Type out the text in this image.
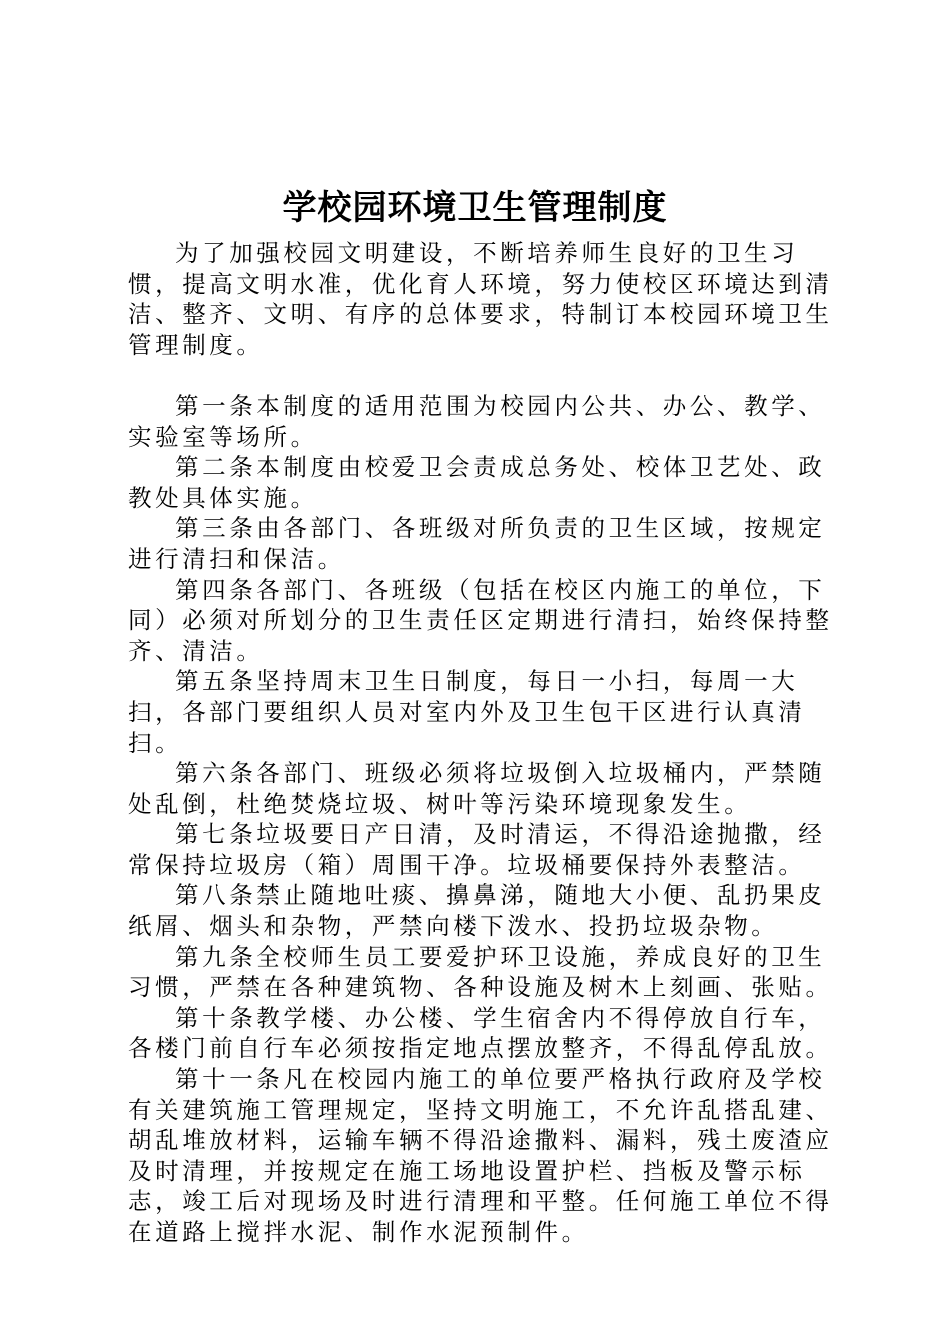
学校园环境卫生管理制度

为了加强校园文明建设，不断培养师生良好的卫生习惯，提高文明水准，优化育人环境，努力使校区环境达到清洁、整齐、文明、有序的总体要求，特制订本校园环境卫生管理制度。

第一条本制度的适用范围为校园内公共、办公、教学、实验室等场所。

第二条本制度由校爱卫会责成总务处、校体卫艺处、政教处具体实施。

第三条由各部门、各班级对所负责的卫生区域，按规定进行清扫和保洁。

第四条各部门、各班级（包括在校区内施工的单位，下同）必须对所划分的卫生责任区定期进行清扫，始终保持整齐、清洁。

第五条坚持周末卫生日制度，每日一小扫，每周一大扫，各部门要组织人员对室内外及卫生包干区进行认真清扫。

第六条各部门、班级必须将垃圾倒入垃圾桶内，严禁随处乱倒，杜绝焚烧垃圾、树叶等污染环境现象发生。

第七条垃圾要日产日清，及时清运，不得沿途抛撒，经常保持垃圾房（箱）周围干净。垃圾桶要保持外表整洁。

第八条禁止随地吐痰、擤鼻涕，随地大小便、乱扔果皮纸屑、烟头和杂物，严禁向楼下泼水、投扔垃圾杂物。

第九条全校师生员工要爱护环卫设施，养成良好的卫生习惯，严禁在各种建筑物、各种设施及树木上刻画、张贴。

第十条教学楼、办公楼、学生宿舍内不得停放自行车，各楼门前自行车必须按指定地点摆放整齐，不得乱停乱放。

第十一条凡在校园内施工的单位要严格执行政府及学校有关建筑施工管理规定，坚持文明施工，不允许乱搭乱建、胡乱堆放材料，运输车辆不得沿途撒料、漏料，残土废渣应及时清理，并按规定在施工场地设置护栏、挡板及警示标志，竣工后对现场及时进行清理和平整。任何施工单位不得在道路上搅拌水泥、制作水泥预制件。
